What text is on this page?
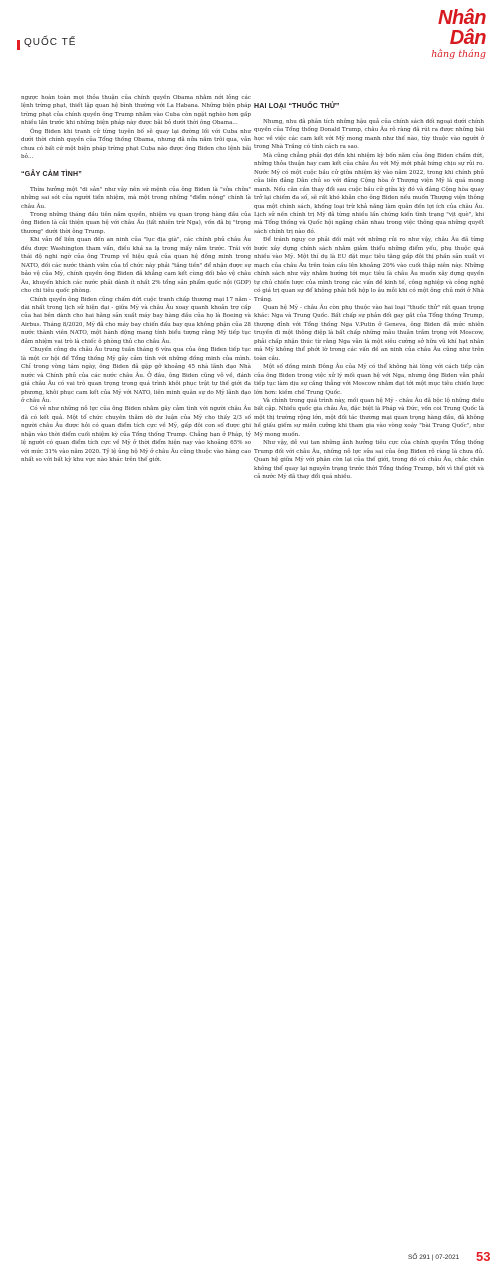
QUỐC TẾ
Nhân Dân
hằng tháng

ngược hoàn toàn mọi thỏa thuận của chính quyền Obama nhằm nới lỏng các lệnh trừng phạt, thiết lập quan hệ bình thường với La Habana. Những biện pháp trừng phạt của chính quyền ông Trump nhằm vào Cuba còn ngặt nghèo hơn gấp nhiều lần trước khi những biện pháp này được bãi bỏ dưới thời ông Obama...

Ông Biden khi tranh cử từng tuyên bố sẽ quay lại đường lối với Cuba như dưới thời chính quyền của Tổng thống Obama, nhưng đã nửa năm trôi qua, vẫn chưa có bất cứ một biện pháp trừng phạt Cuba nào được ông Biden cho lệnh bãi bỏ...

“GÂY CẢM TÌNH”

Thừa hưởng một "di sản" như vậy nên sứ mệnh của ông Biden là "sửa chữa" những sai sót của người tiền nhiệm, mà một trong những "điểm nóng" chính là châu Âu.

Trong những tháng đầu tiên nắm quyền, nhiệm vụ quan trọng hàng đầu của ông Biden là cải thiện quan hệ với châu Âu (tất nhiên trừ Nga), vốn đã bị "trọng thương" dưới thời ông Trump.

Khi vẫn để liên quan đến an ninh của "lục địa già", các chính phủ châu Âu đều được Washington tham vấn, điều khá xa lạ trong mấy năm trước. Trái với thái độ nghi ngờ của ông Trump về hiệu quả của quan hệ đồng minh trong NATO, đối các nước thành viên của tổ chức này phải "tăng tiền" để nhận được sự bảo vệ của Mỹ, chính quyền ông Biden đã khẳng cam kết cùng đối bảo vệ châu Âu, khuyến khích các nước phải dành ít nhất 2% tổng sản phẩm quốc nội (GDP) cho chi tiêu quốc phòng.

Chính quyền ông Biden cũng chấm dứt cuộc tranh chấp thương mại 17 năm - dài nhất trong lịch sử hiện đại - giữa Mỹ và châu Âu xoay quanh khoản trợ cấp của hai bên dành cho hai hãng sản xuất máy bay hàng đầu của họ là Boeing và Airbus. Tháng 8/2020, Mỹ đã cho máy bay chiến đấu bay qua không phận của 28 nước thành viên NATO, một hành động mang tính biểu tượng rằng Mỹ tiếp tục đảm nhiệm vai trò là chiếc ô phòng thủ cho châu Âu.

Chuyến công du châu Âu trung tuần tháng 6 vừa qua của ông Biden tiếp tục là một cơ hội để Tổng thống Mỹ gây cảm tình với những đồng minh của mình. Chỉ trong vòng tám ngày, ông Biden đã gặp gỡ khoảng 45 nhà lãnh đạo Nhà nước và Chính phủ của các nước châu Âu. Ở đâu, ông Biden cũng vỗ về, đánh giá châu Âu có vai trò quan trọng trong quá trình khôi phục trật tự thế giới đa phương, khôi phục cam kết của Mỹ với NATO, liên minh quân sự do Mỹ lãnh đạo ở châu Âu.

Có vẻ như những nỗ lực của ông Biden nhằm gây cảm tình với người châu Âu đã có kết quả. Một tổ chức chuyên thăm dò dư luận của Mỹ cho thấy 2/3 số người châu Âu được hỏi có quan điểm tích cực về Mỹ, gấp đôi con số được ghi nhận vào thời điểm cuối nhiệm kỳ của Tổng thống Trump. Chẳng hạn ở Pháp, tỷ lệ người có quan điểm tích cực về Mỹ ở thời điểm hiện nay vào khoảng 65% so với mức 31% vào năm 2020. Tỷ lệ ủng hộ Mỹ ở châu Âu cũng thuộc vào hàng cao nhất so với bất kỳ khu vực nào khác trên thế giới.

HAI LOẠI “THUỐC THỬ”

Nhưng, nhu đã phân tích những hậu quả của chính sách đối ngoại dưới chính quyền của Tổng thống Donald Trump, châu Âu rõ ràng đã rút ra được những bài học về việc các cam kết với Mỹ mong manh như thế nào, tùy thuộc vào người ở trong Nhà Trắng có tính cách ra sao.

Mà cũng chẳng phải đợi đến khi nhiệm kỳ bốn năm của ông Biden chấm dứt, những thỏa thuận hay cam kết của châu Âu với Mỹ mới phải hứng chịu sự rủi ro. Nước Mỹ có một cuộc bầu cử giữa nhiệm kỳ vào năm 2022, trong khi chính phủ của liên đảng Dân chủ so với đảng Cộng hòa ở Thượng viện Mỹ là quá mong manh. Nếu căn cần thay đổi sau cuộc bầu cử giữa kỳ đó và đảng Cộng hòa quay trở lại chiếm đa số, sẽ rất khó khăn cho ông Biden nếu muốn Thượng viện thông qua một chính sách, khống loại trừ khả năng làm quân đến lợi ích của châu Âu. Lịch sử nền chính trị Mỹ đã từng nhiều lần chứng kiến tình trạng "vịt què", khi mà Tổng thống và Quốc hội ngăng chân nhau trong việc thông qua những quyết sách chính trị nào đó.

Để tránh nguy cơ phải đối mặt với những rủi ro như vậy, châu Âu đã từng bước xây dựng chính sách nhằm giảm thiểu những điểm yếu, phụ thuộc quá nhiều vào Mỹ. Một thí dụ là EU đặt mục tiêu tăng gấp đôi thị phần sản xuất vi mạch của châu Âu trên toàn cầu lên khoảng 20% vào cuối thập niên này. Những chính sách như vậy nhằm hướng tới mục tiêu là châu Âu muốn xây dựng quyền tự chủ chiến lược của mình trong các vấn đề kinh tế, công nghiệp và công nghệ có giá trị quan sự để không phải hối hộp lo âu mỗi khi có một ông chủ mới ở Nhà Trắng.

Quan hệ Mỹ - châu Âu còn phụ thuộc vào hai loại "thuốc thử" rất quan trọng khác: Nga và Trung Quốc. Bất chấp sự phản đối gay gắt của Tổng thống Trump, thượng đỉnh với Tổng thống Nga V.Putin ở Geneva, ông Biden đã mức nhiên truyền đi một thông điệp là bất chấp những mâu thuẫn trầm trọng với Moscow, phải chấp nhận thúc từ rằng Nga vẫn là một siêu cường sở hữu vũ khí hạt nhân mà Mỹ không thể phớt lờ trong các vấn đề an ninh của châu Âu cũng như trên toàn cầu.

Một số đồng minh Đông Âu của Mỹ có thể không hài lòng với cách tiếp cận của ông Biden trong việc xử lý mối quan hệ với Nga, nhưng ông Biden vẫn phải tiếp tục làm dịu sự căng thẳng với Moscow nhằm đạt tới một mục tiêu chiến lược lớn hơn: kiềm chế Trung Quốc.

Và chính trong quá trình này, mối quan hệ Mỹ - châu Âu đã bộc lộ những điều bất cập. Nhiều quốc gia châu Âu, đặc biệt là Pháp và Đức, vốn coi Trung Quốc là một thị trường rộng lớn, một đối tác thương mại quan trọng hàng đầu, đã không hề giấu giếm sự miễn cưỡng khi tham gia vào vòng xoáy "bài Trung Quốc", như Mỹ mong muốn.

Như vậy, dễ vui tan những ảnh hưởng tiêu cực của chính quyền Tổng thống Trump đối với châu Âu, những nỗ lực sửa sai của ông Biden rõ ràng là chưa đủ. Quan hệ giữa Mỹ với phân còn lại của thế giới, trong đó có châu Âu, chắc chắn không thể quay lại nguyên trạng trước thời Tổng thống Trump, bởi vì thế giới và cả nước Mỹ đã thay đổi quá nhiều.

SỐ 291 | 07-2021 53
